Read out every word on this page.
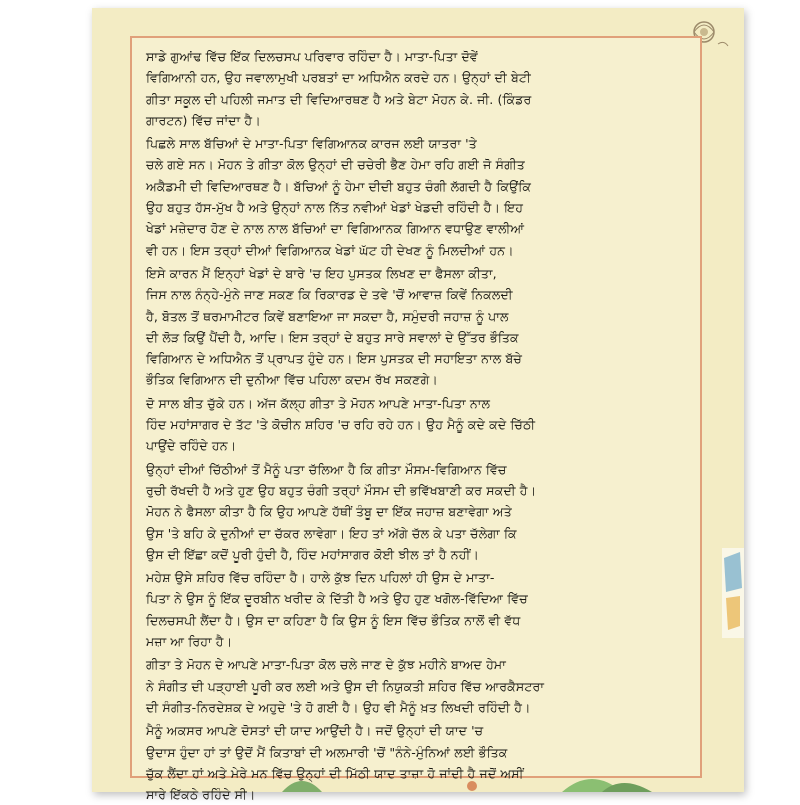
ਸਾਡੇ ਗੁਆਂਢ ਵਿੱਚ ਇੱਕ ਦਿਲਚਸਪ ਪਰਿਵਾਰ ਰਹਿੰਦਾ ਹੈ। ਮਾਤਾ-ਪਿਤਾ ਦੋਵੇਂ
ਵਿਗਿਆਨੀ ਹਨ, ਉਹ ਜਵਾਲਾਮੁਖੀ ਪਰਬਤਾਂ ਦਾ ਅਧਿਐਨ ਕਰਦੇ ਹਨ। ਉਨ੍ਹਾਂ ਦੀ ਬੇਟੀ
ਗੀਤਾ ਸਕੂਲ ਦੀ ਪਹਿਲੀ ਜਮਾਤ ਦੀ ਵਿਦਿਆਰਥਣ ਹੈ ਅਤੇ ਬੇਟਾ ਮੋਹਨ ਕੇ. ਜੀ. (ਕਿੰਡਰ
ਗਾਰਟਨ) ਵਿੱਚ ਜਾਂਦਾ ਹੈ।

ਪਿਛਲੇ ਸਾਲ ਬੱਚਿਆਂ ਦੇ ਮਾਤਾ-ਪਿਤਾ ਵਿਗਿਆਨਕ ਕਾਰਜ ਲਈ ਯਾਤਰਾ 'ਤੇ
ਚਲੇ ਗਏ ਸਨ। ਮੋਹਨ ਤੇ ਗੀਤਾ ਕੋਲ ਉਨ੍ਹਾਂ ਦੀ ਚਚੇਰੀ ਭੈਣ ਹੇਮਾ ਰਹਿ ਗਈ ਜੋ ਸੰਗੀਤ
ਅਕੈਡਮੀ ਦੀ ਵਿਦਿਆਰਥਣ ਹੈ। ਬੱਚਿਆਂ ਨੂੰ ਹੇਮਾ ਦੀਦੀ ਬਹੁਤ ਚੰਗੀ ਲੱਗਦੀ ਹੈ ਕਿਉਂਕਿ
ਉਹ ਬਹੁਤ ਹੱਸ-ਮੁੱਖ ਹੈ ਅਤੇ ਉਨ੍ਹਾਂ ਨਾਲ ਨਿੱਤ ਨਵੀਆਂ ਖੇਡਾਂ ਖੇਡਦੀ ਰਹਿੰਦੀ ਹੈ। ਇਹ
ਖੇਡਾਂ ਮਜ਼ੇਦਾਰ ਹੋਣ ਦੇ ਨਾਲ ਨਾਲ ਬੱਚਿਆਂ ਦਾ ਵਿਗਿਆਨਕ ਗਿਆਨ ਵਧਾਉਣ ਵਾਲੀਆਂ
ਵੀ ਹਨ। ਇਸ ਤਰ੍ਹਾਂ ਦੀਆਂ ਵਿਗਿਆਨਕ ਖੇਡਾਂ ਘੱਟ ਹੀ ਦੇਖਣ ਨੂੰ ਮਿਲਦੀਆਂ ਹਨ।

ਇਸੇ ਕਾਰਨ ਮੈਂ ਇਨ੍ਹਾਂ ਖੇਡਾਂ ਦੇ ਬਾਰੇ 'ਚ ਇਹ ਪੁਸਤਕ ਲਿਖਣ ਦਾ ਫੈਸਲਾ ਕੀਤਾ,
ਜਿਸ ਨਾਲ ਨੰਨ੍ਹੇ-ਮੁੰਨੇ ਜਾਣ ਸਕਣ ਕਿ ਰਿਕਾਰਡ ਦੇ ਤਵੇ 'ਚੋਂ ਆਵਾਜ਼ ਕਿਵੇਂ ਨਿਕਲਦੀ
ਹੈ, ਬੋਤਲ ਤੋਂ ਥਰਮਾਮੀਟਰ ਕਿਵੇਂ ਬਣਾਇਆ ਜਾ ਸਕਦਾ ਹੈ, ਸਮੁੰਦਰੀ ਜਹਾਜ਼ ਨੂੰ ਪਾਲ
ਦੀ ਲੋੜ ਕਿਉਂ ਪੈਂਦੀ ਹੈ, ਆਦਿ। ਇਸ ਤਰ੍ਹਾਂ ਦੇ ਬਹੁਤ ਸਾਰੇ ਸਵਾਲਾਂ ਦੇ ਉੱਤਰ ਭੌਤਿਕ
ਵਿਗਿਆਨ ਦੇ ਅਧਿਐਨ ਤੋਂ ਪ੍ਰਾਪਤ ਹੁੰਦੇ ਹਨ। ਇਸ ਪੁਸਤਕ ਦੀ ਸਹਾਇਤਾ ਨਾਲ ਬੱਚੇ
ਭੌਤਿਕ ਵਿਗਿਆਨ ਦੀ ਦੁਨੀਆ ਵਿੱਚ ਪਹਿਲਾ ਕਦਮ ਰੱਖ ਸਕਣਗੇ।

ਦੋ ਸਾਲ ਬੀਤ ਚੁੱਕੇ ਹਨ। ਅੱਜ ਕੱਲ੍ਹ ਗੀਤਾ ਤੇ ਮੋਹਨ ਆਪਣੇ ਮਾਤਾ-ਪਿਤਾ ਨਾਲ
ਹਿੰਦ ਮਹਾਂਸਾਗਰ ਦੇ ਤੱਟ 'ਤੇ ਕੋਚੀਨ ਸ਼ਹਿਰ 'ਚ ਰਹਿ ਰਹੇ ਹਨ। ਉਹ ਮੈਨੂੰ ਕਦੇ ਕਦੇ ਚਿੱਠੀ
ਪਾਉਂਦੇ ਰਹਿੰਦੇ ਹਨ।

ਉਨ੍ਹਾਂ ਦੀਆਂ ਚਿੱਠੀਆਂ ਤੋਂ ਮੈਨੂੰ ਪਤਾ ਚੱਲਿਆ ਹੈ ਕਿ ਗੀਤਾ ਮੌਸਮ-ਵਿਗਿਆਨ ਵਿੱਚ
ਰੁਚੀ ਰੱਖਦੀ ਹੈ ਅਤੇ ਹੁਣ ਉਹ ਬਹੁਤ ਚੰਗੀ ਤਰ੍ਹਾਂ ਮੌਸਮ ਦੀ ਭਵਿੱਖਬਾਣੀ ਕਰ ਸਕਦੀ ਹੈ।
ਮੋਹਨ ਨੇ ਫੈਸਲਾ ਕੀਤਾ ਹੈ ਕਿ ਉਹ ਆਪਣੇ ਹੱਥੀਂ ਤੰਬੂ ਦਾ ਇੱਕ ਜਹਾਜ਼ ਬਣਾਵੇਗਾ ਅਤੇ
ਉਸ 'ਤੇ ਬਹਿ ਕੇ ਦੁਨੀਆਂ ਦਾ ਚੱਕਰ ਲਾਵੇਗਾ। ਇਹ ਤਾਂ ਅੱਗੇ ਚੱਲ ਕੇ ਪਤਾ ਚੱਲੇਗਾ ਕਿ
ਉਸ ਦੀ ਇੱਛਾ ਕਦੋਂ ਪੂਰੀ ਹੁੰਦੀ ਹੈ, ਹਿੰਦ ਮਹਾਂਸਾਗਰ ਕੋਈ ਝੀਲ ਤਾਂ ਹੈ ਨਹੀਂ।

ਮਹੇਸ਼ ਉਸੇ ਸ਼ਹਿਰ ਵਿੱਚ ਰਹਿੰਦਾ ਹੈ। ਹਾਲੇ ਕੁੱਝ ਦਿਨ ਪਹਿਲਾਂ ਹੀ ਉਸ ਦੇ ਮਾਤਾ-
ਪਿਤਾ ਨੇ ਉਸ ਨੂੰ ਇੱਕ ਦੂਰਬੀਨ ਖਰੀਦ ਕੇ ਦਿੱਤੀ ਹੈ ਅਤੇ ਉਹ ਹੁਣ ਖਗੋਲ-ਵਿੱਦਿਆ ਵਿੱਚ
ਦਿਲਚਸਪੀ ਲੈਂਦਾ ਹੈ। ਉਸ ਦਾ ਕਹਿਣਾ ਹੈ ਕਿ ਉਸ ਨੂੰ ਇਸ ਵਿੱਚ ਭੌਤਿਕ ਨਾਲੋਂ ਵੀ ਵੱਧ
ਮਜ਼ਾ ਆ ਰਿਹਾ ਹੈ।

ਗੀਤਾ ਤੇ ਮੋਹਨ ਦੇ ਆਪਣੇ ਮਾਤਾ-ਪਿਤਾ ਕੋਲ ਚਲੇ ਜਾਣ ਦੇ ਕੁੱਝ ਮਹੀਨੇ ਬਾਅਦ ਹੇਮਾ
ਨੇ ਸੰਗੀਤ ਦੀ ਪੜ੍ਹਾਈ ਪੂਰੀ ਕਰ ਲਈ ਅਤੇ ਉਸ ਦੀ ਨਿਯੁਕਤੀ ਸ਼ਹਿਰ ਵਿੱਚ ਆਰਕੈਸਟਰਾ
ਦੀ ਸੰਗੀਤ-ਨਿਰਦੇਸ਼ਕ ਦੇ ਅਹੁਦੇ 'ਤੇ ਹੋ ਗਈ ਹੈ। ਉਹ ਵੀ ਮੈਨੂੰ ਖ਼ਤ ਲਿਖਦੀ ਰਹਿੰਦੀ ਹੈ।

ਮੈਨੂੰ ਅਕਸਰ ਆਪਣੇ ਦੋਸਤਾਂ ਦੀ ਯਾਦ ਆਉਂਦੀ ਹੈ। ਜਦੋਂ ਉਨ੍ਹਾਂ ਦੀ ਯਾਦ 'ਚ
ਉਦਾਸ ਹੁੰਦਾ ਹਾਂ ਤਾਂ ਉਦੋਂ ਮੈਂ ਕਿਤਾਬਾਂ ਦੀ ਅਲਮਾਰੀ 'ਚੋਂ "ਨੰਨੇ-ਮੁੰਨਿਆਂ ਲਈ ਭੌਤਿਕ
ਚੁੱਕ ਲੈਂਦਾ ਹਾਂ ਅਤੇ ਮੇਰੇ ਮਨ ਵਿੱਚ ਉਨ੍ਹਾਂ ਦੀ ਮਿੱਠੀ ਯਾਦ ਤਾਜ਼ਾ ਹੋ ਜਾਂਦੀ ਹੈ ਜਦੋਂ ਅਸੀਂ
ਸਾਰੇ ਇੱਕਠੇ ਰਹਿੰਦੇ ਸੀ।
